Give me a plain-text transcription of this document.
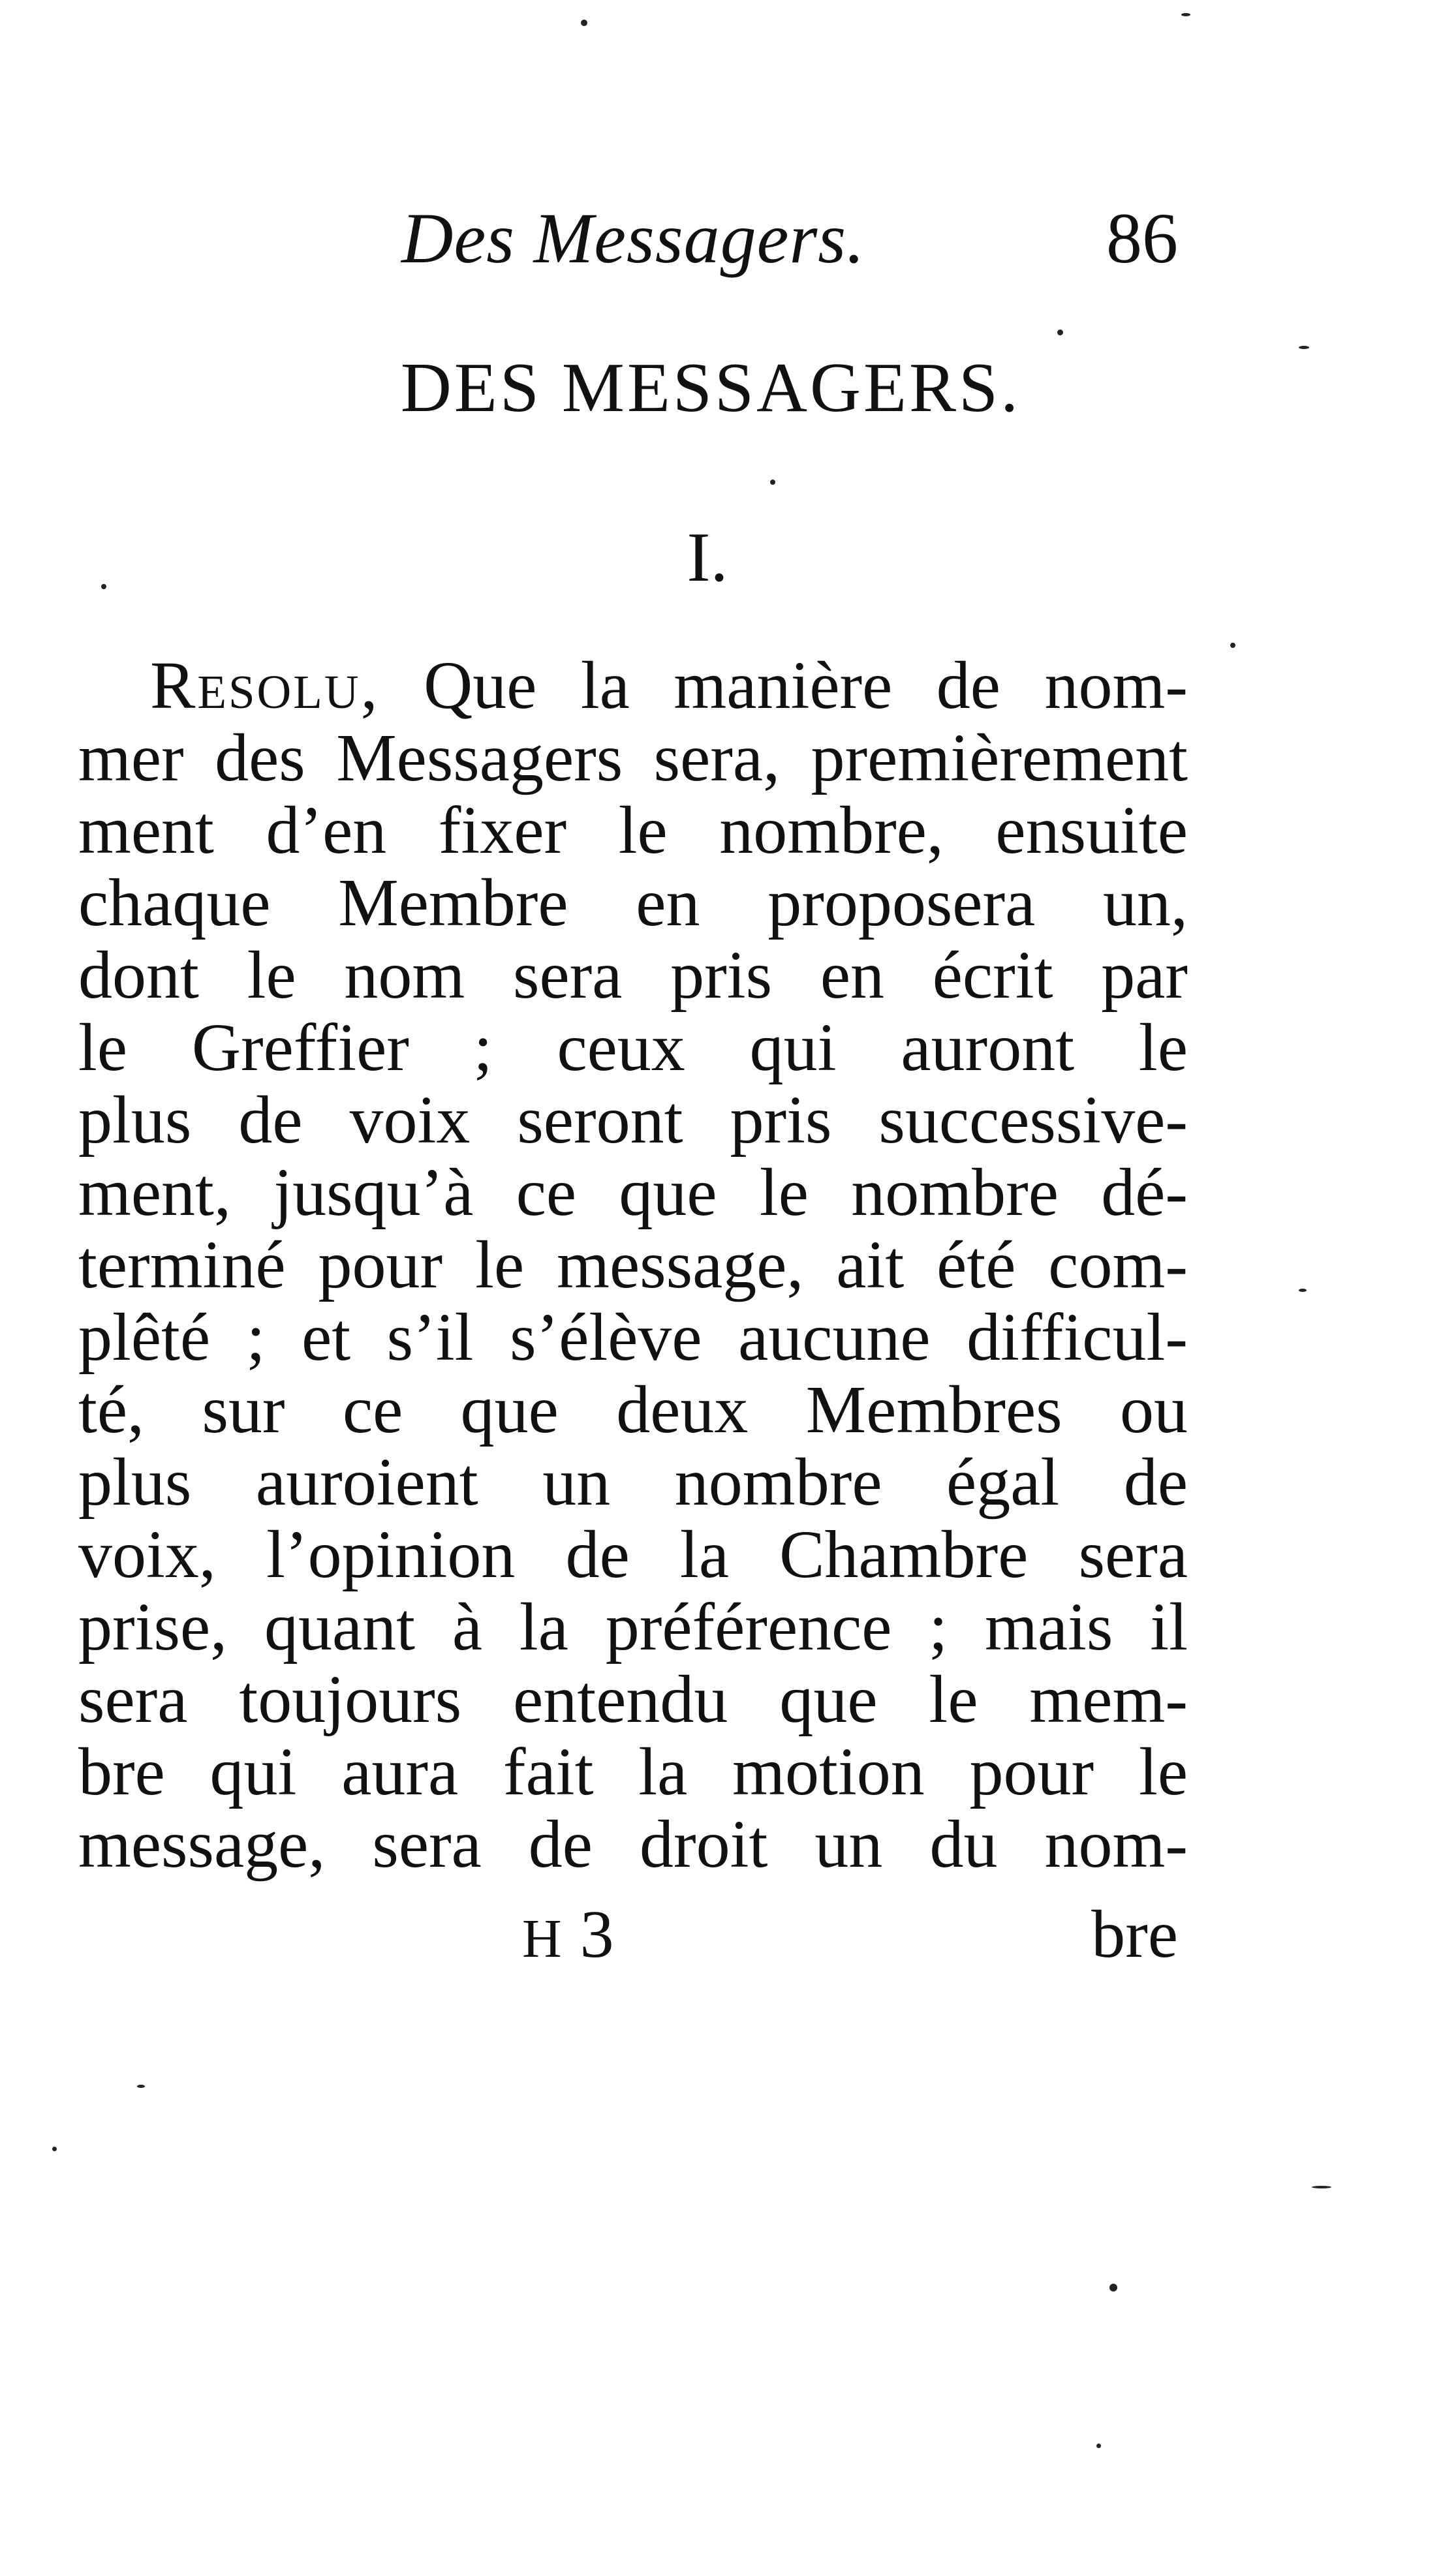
Des Messagers.	86
DES MESSAGERS.
I.
Resolu, Que la manière de nom-
mer des Messagers sera, premièrement
ment d’en fixer le nombre, ensuite
chaque Membre en proposera un,
dont le nom sera pris en écrit par
le Greffier ; ceux qui auront le
plus de voix seront pris successive-
ment, jusqu’à ce que le nombre dé-
terminé pour le message, ait été com-
plêté ; et s’il s’élève aucune difficul-
té, sur ce que deux Membres ou
plus auroient un nombre égal de
voix, l’opinion de la Chambre sera
prise, quant à la préférence ; mais il
sera toujours entendu que le mem-
bre qui aura fait la motion pour le
message, sera de droit un du nom-
H 3	bre
